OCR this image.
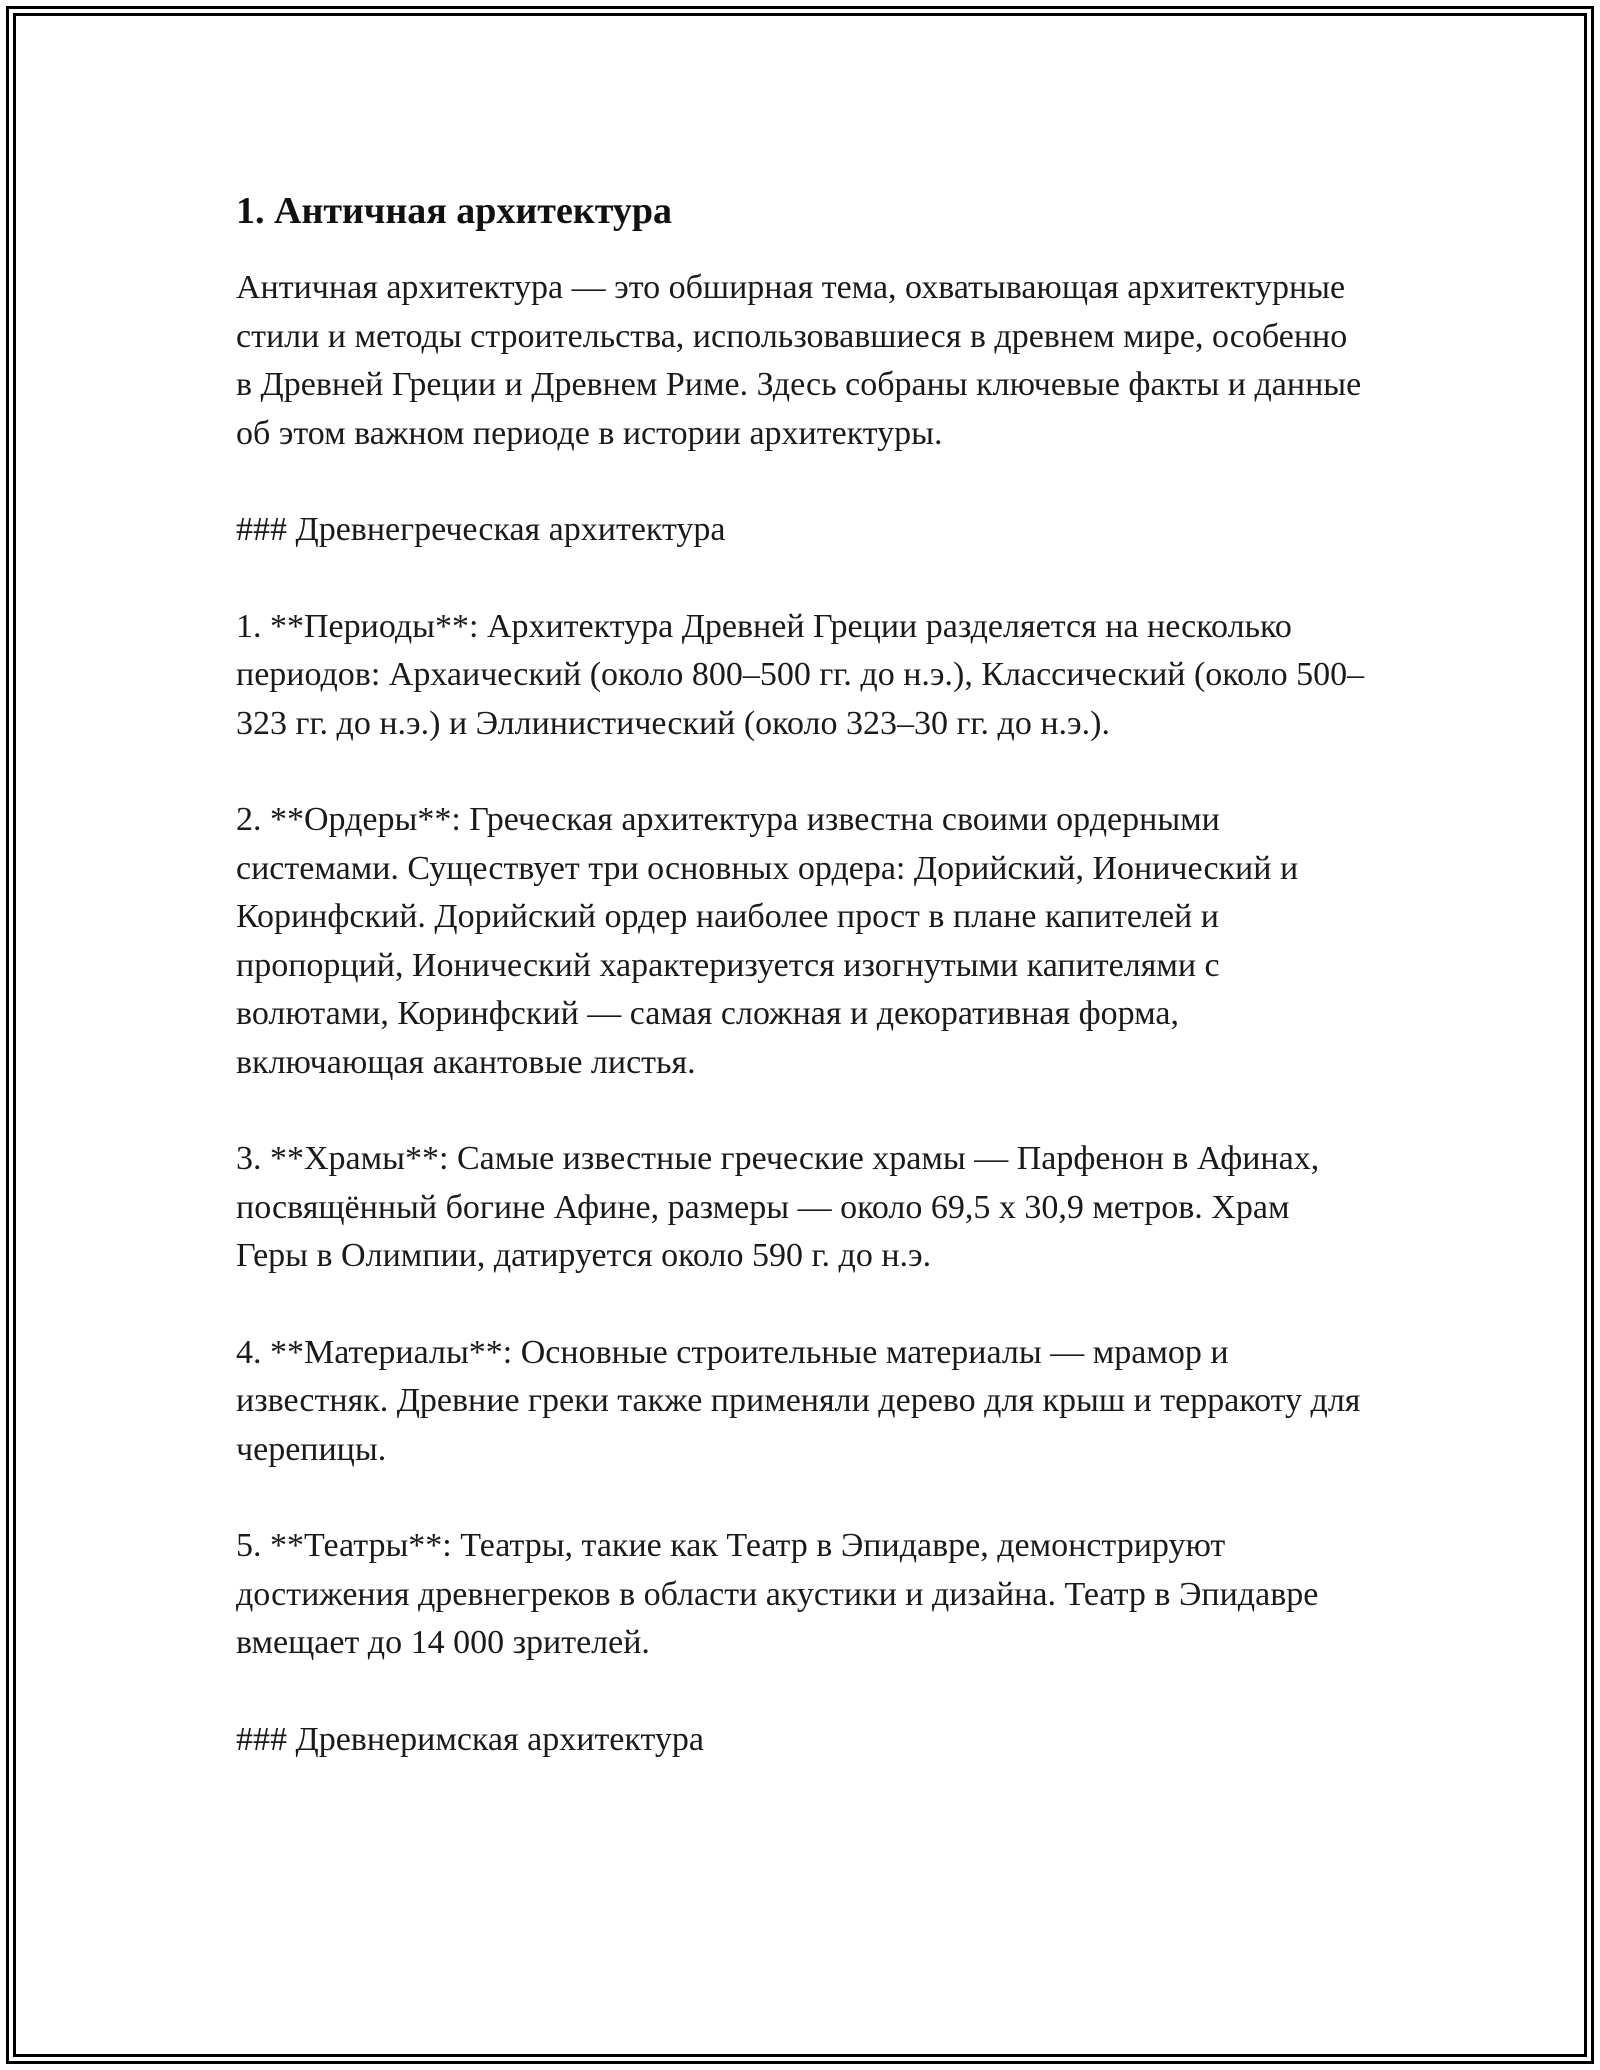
1. Античная архитектура

Античная архитектура — это обширная тема, охватывающая архитектурные стили и методы строительства, использовавшиеся в древнем мире, особенно в Древней Греции и Древнем Риме. Здесь собраны ключевые факты и данные об этом важном периоде в истории архитектуры.

### Древнегреческая архитектура

1. **Периоды**: Архитектура Древней Греции разделяется на несколько периодов: Архаический (около 800–500 гг. до н.э.), Классический (около 500–323 гг. до н.э.) и Эллинистический (около 323–30 гг. до н.э.).

2. **Ордеры**: Греческая архитектура известна своими ордерными системами. Существует три основных ордера: Дорийский, Ионический и Коринфский. Дорийский ордер наиболее прост в плане капителей и пропорций, Ионический характеризуется изогнутыми капителями с волютами, Коринфский — самая сложная и декоративная форма, включающая акантовые листья.

3. **Храмы**: Самые известные греческие храмы — Парфенон в Афинах, посвящённый богине Афине, размеры — около 69,5 x 30,9 метров. Храм Геры в Олимпии, датируется около 590 г. до н.э.

4. **Материалы**: Основные строительные материалы — мрамор и известняк. Древние греки также применяли дерево для крыш и терракоту для черепицы.

5. **Театры**: Театры, такие как Театр в Эпидавре, демонстрируют достижения древнегреков в области акустики и дизайна. Театр в Эпидавре вмещает до 14 000 зрителей.

### Древнеримская архитектура
